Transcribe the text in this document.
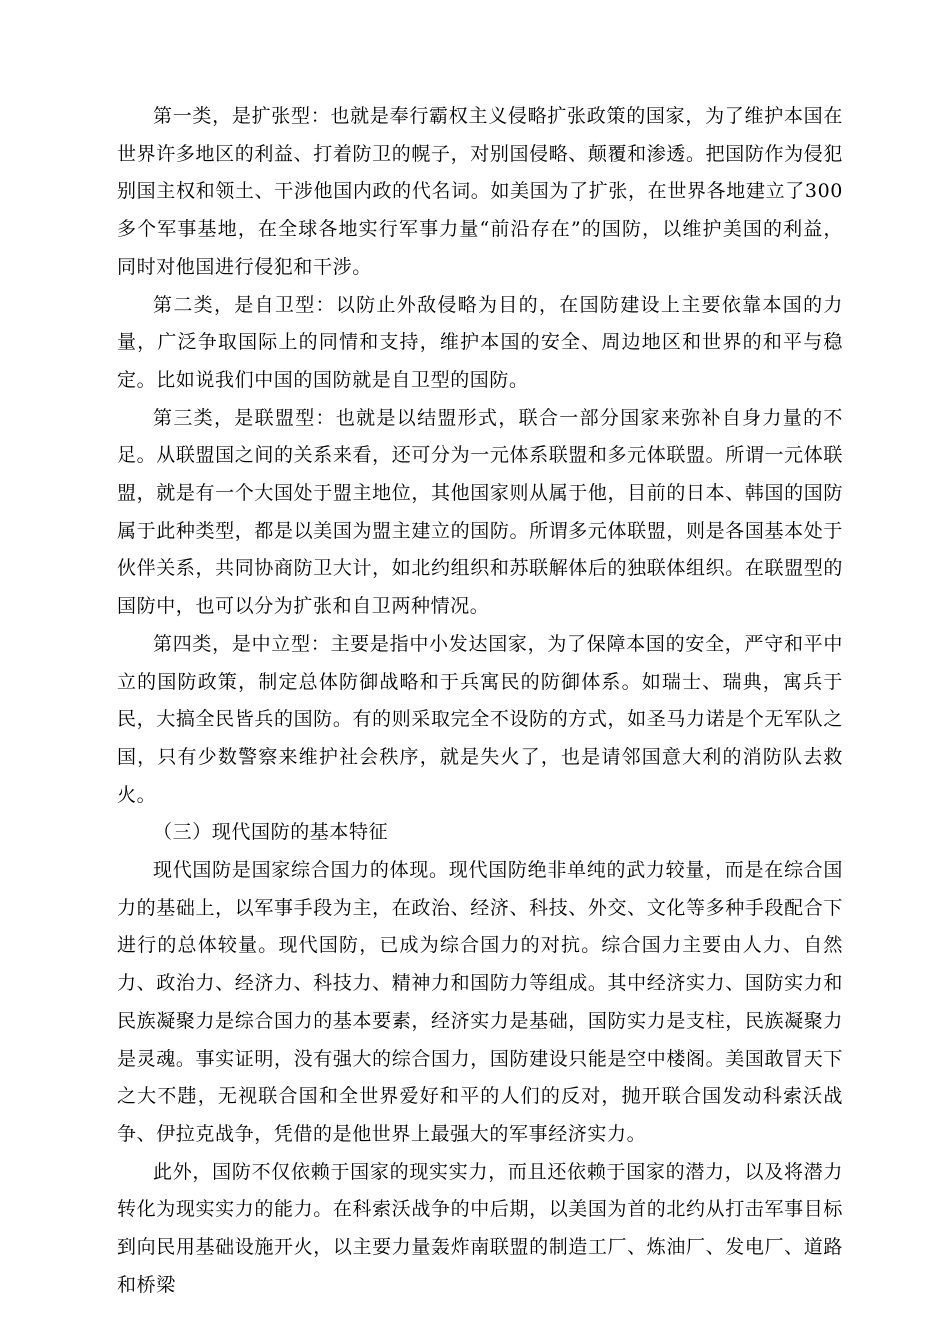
第一类，是扩张型：也就是奉行霸权主义侵略扩张政策的国家，为了维护本国在世界许多地区的利益、打着防卫的幌子，对别国侵略、颠覆和渗透。把国防作为侵犯别国主权和领土、干涉他国内政的代名词。如美国为了扩张，在世界各地建立了300多个军事基地，在全球各地实行军事力量“前沿存在”的国防，以维护美国的利益，同时对他国进行侵犯和干涉。

第二类，是自卫型：以防止外敌侵略为目的，在国防建设上主要依靠本国的力量，广泛争取国际上的同情和支持，维护本国的安全、周边地区和世界的和平与稳定。比如说我们中国的国防就是自卫型的国防。

第三类，是联盟型：也就是以结盟形式，联合一部分国家来弥补自身力量的不足。从联盟国之间的关系来看，还可分为一元体系联盟和多元体联盟。所谓一元体联盟，就是有一个大国处于盟主地位，其他国家则从属于他，目前的日本、韩国的国防属于此种类型，都是以美国为盟主建立的国防。所谓多元体联盟，则是各国基本处于伙伴关系，共同协商防卫大计，如北约组织和苏联解体后的独联体组织。在联盟型的国防中，也可以分为扩张和自卫两种情况。

第四类，是中立型：主要是指中小发达国家，为了保障本国的安全，严守和平中立的国防政策，制定总体防御战略和于兵寓民的防御体系。如瑞士、瑞典，寓兵于民，大搞全民皆兵的国防。有的则采取完全不设防的方式，如圣马力诺是个无军队之国，只有少数警察来维护社会秩序，就是失火了，也是请邻国意大利的消防队去救火。

（三）现代国防的基本特征

现代国防是国家综合国力的体现。现代国防绝非单纯的武力较量，而是在综合国力的基础上，以军事手段为主，在政治、经济、科技、外交、文化等多种手段配合下进行的总体较量。现代国防，已成为综合国力的对抗。综合国力主要由人力、自然力、政治力、经济力、科技力、精神力和国防力等组成。其中经济实力、国防实力和民族凝聚力是综合国力的基本要素，经济实力是基础，国防实力是支柱，民族凝聚力是灵魂。事实证明，没有强大的综合国力，国防建设只能是空中楼阁。美国敢冒天下之大不韪，无视联合国和全世界爱好和平的人们的反对，抛开联合国发动科索沃战争、伊拉克战争，凭借的是他世界上最强大的军事经济实力。

此外，国防不仅依赖于国家的现实实力，而且还依赖于国家的潜力，以及将潜力转化为现实实力的能力。在科索沃战争的中后期，以美国为首的北约从打击军事目标到向民用基础设施开火，以主要力量轰炸南联盟的制造工厂、炼油厂、发电厂、道路和桥梁
